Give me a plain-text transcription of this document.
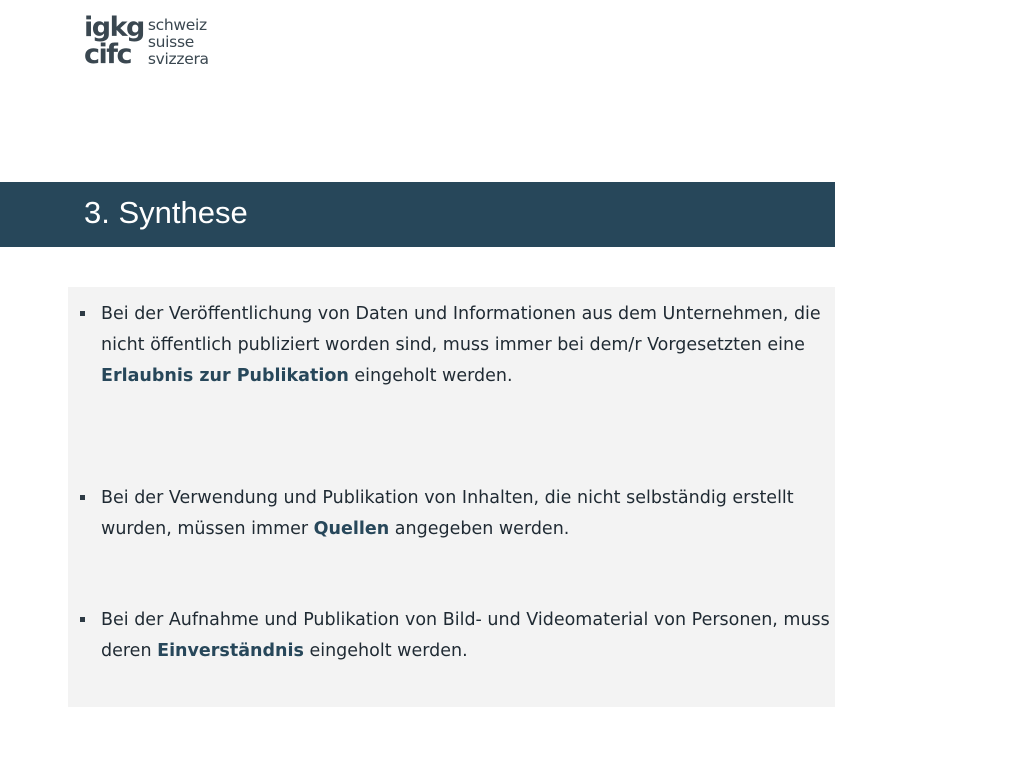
igkg
cifc
schweiz
suisse
svizzera
3. Synthese

Bei der Veröffentlichung von Daten und Informationen aus dem Unternehmen, die nicht öffentlich publiziert worden sind, muss immer bei dem/r Vorgesetzten eine Erlaubnis zur Publikation eingeholt werden.

Bei der Verwendung und Publikation von Inhalten, die nicht selbständig erstellt wurden, müssen immer Quellen angegeben werden.

Bei der Aufnahme und Publikation von Bild- und Videomaterial von Personen, muss deren Einverständnis eingeholt werden.
